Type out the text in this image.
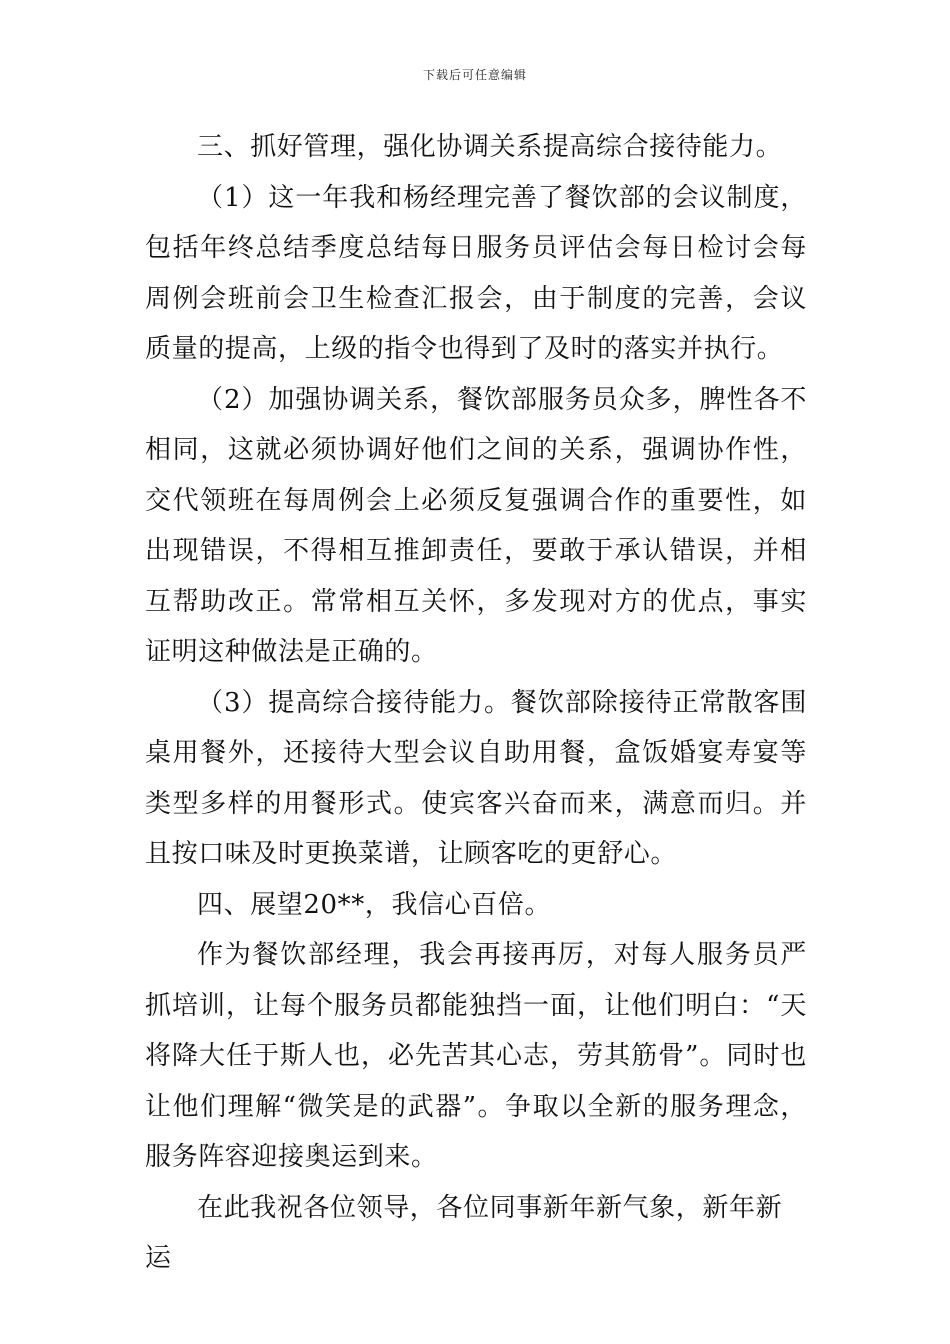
下载后可任意编辑

三、抓好管理，强化协调关系提高综合接待能力。

（1）这一年我和杨经理完善了餐饮部的会议制度，包括年终总结季度总结每日服务员评估会每日检讨会每周例会班前会卫生检查汇报会，由于制度的完善，会议质量的提高，上级的指令也得到了及时的落实并执行。

（2）加强协调关系，餐饮部服务员众多，脾性各不相同，这就必须协调好他们之间的关系，强调协作性，交代领班在每周例会上必须反复强调合作的重要性，如出现错误，不得相互推卸责任，要敢于承认错误，并相互帮助改正。常常相互关怀，多发现对方的优点，事实证明这种做法是正确的。

（3）提高综合接待能力。餐饮部除接待正常散客围桌用餐外，还接待大型会议自助用餐，盒饭婚宴寿宴等类型多样的用餐形式。使宾客兴奋而来，满意而归。并且按口味及时更换菜谱，让顾客吃的更舒心。

四、展望20**，我信心百倍。

作为餐饮部经理，我会再接再厉，对每人服务员严抓培训，让每个服务员都能独挡一面，让他们明白：“天将降大任于斯人也，必先苦其心志，劳其筋骨”。同时也让他们理解“微笑是的武器”。争取以全新的服务理念，服务阵容迎接奥运到来。

在此我祝各位领导，各位同事新年新气象，新年新运
